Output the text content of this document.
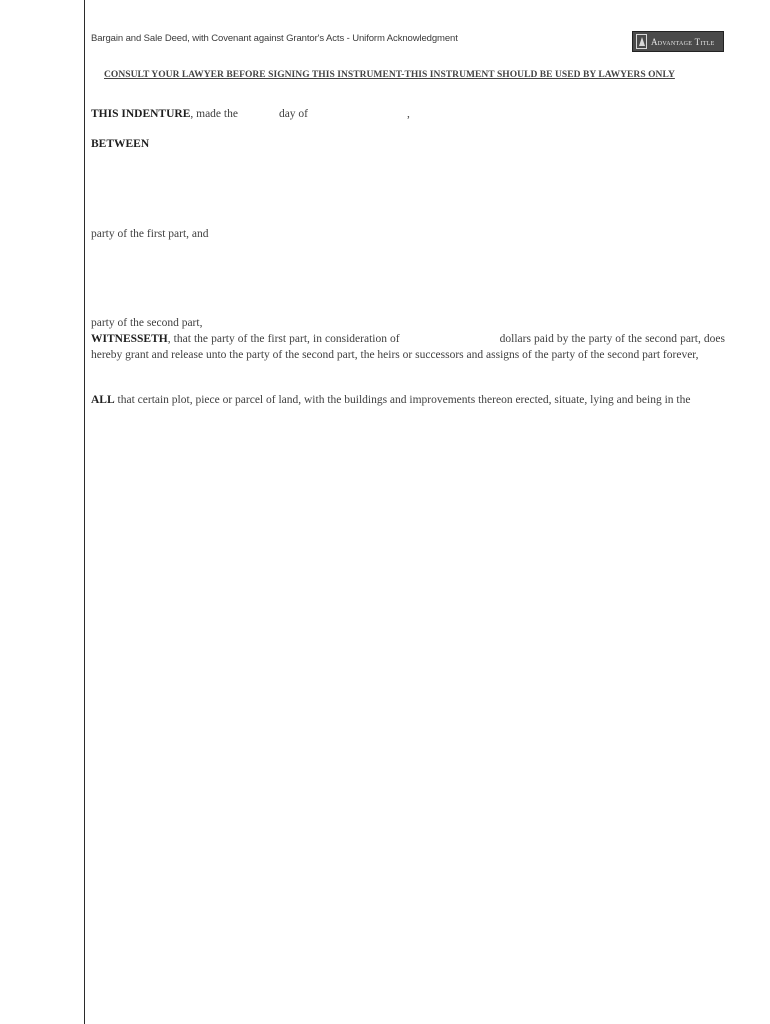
Bargain and Sale Deed, with Covenant against Grantor's Acts - Uniform Acknowledgment	Advantage Title
CONSULT YOUR LAWYER BEFORE SIGNING THIS INSTRUMENT-THIS INSTRUMENT SHOULD BE USED BY LAWYERS ONLY
THIS INDENTURE, made the	day of	,
BETWEEN
party of the first part, and
party of the second part,
WITNESSETH, that the party of the first part, in consideration of	dollars paid by the party of the second part, does hereby grant and release unto the party of the second part, the heirs or successors and assigns of the party of the second part forever,
ALL that certain plot, piece or parcel of land, with the buildings and improvements thereon erected, situate, lying and being in the
